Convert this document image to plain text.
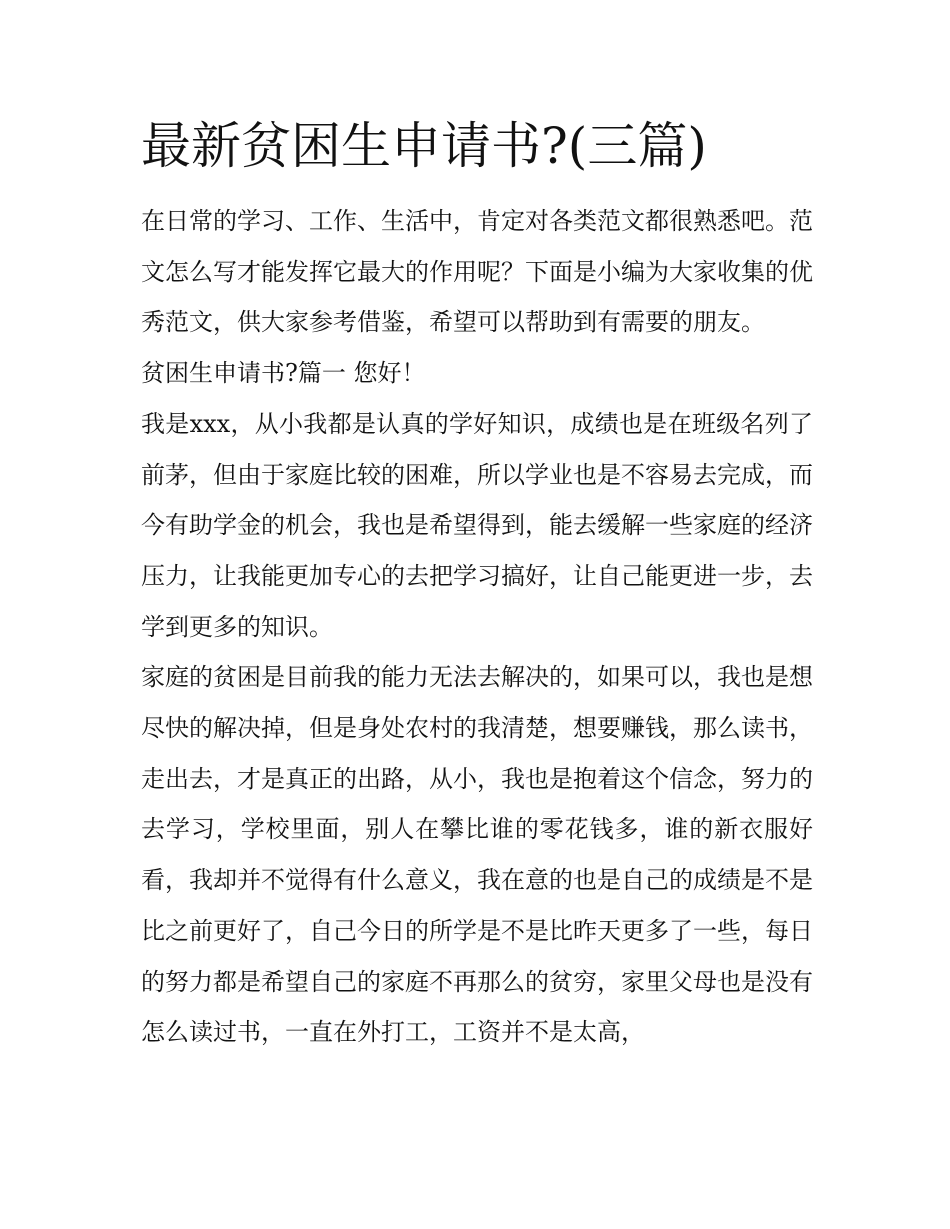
最新贫困生申请书?(三篇)

在日常的学习、工作、生活中，肯定对各类范文都很熟悉吧。范文怎么写才能发挥它最大的作用呢？下面是小编为大家收集的优秀范文，供大家参考借鉴，希望可以帮助到有需要的朋友。

贫困生申请书?篇一 您好！

我是xxx，从小我都是认真的学好知识，成绩也是在班级名列了前茅，但由于家庭比较的困难，所以学业也是不容易去完成，而今有助学金的机会，我也是希望得到，能去缓解一些家庭的经济压力，让我能更加专心的去把学习搞好，让自己能更进一步，去学到更多的知识。

家庭的贫困是目前我的能力无法去解决的，如果可以，我也是想尽快的解决掉，但是身处农村的我清楚，想要赚钱，那么读书，走出去，才是真正的出路，从小，我也是抱着这个信念，努力的去学习，学校里面，别人在攀比谁的零花钱多，谁的新衣服好看，我却并不觉得有什么意义，我在意的也是自己的成绩是不是比之前更好了，自己今日的所学是不是比昨天更多了一些，每日的努力都是希望自己的家庭不再那么的贫穷，家里父母也是没有怎么读过书，一直在外打工，工资并不是太高，
